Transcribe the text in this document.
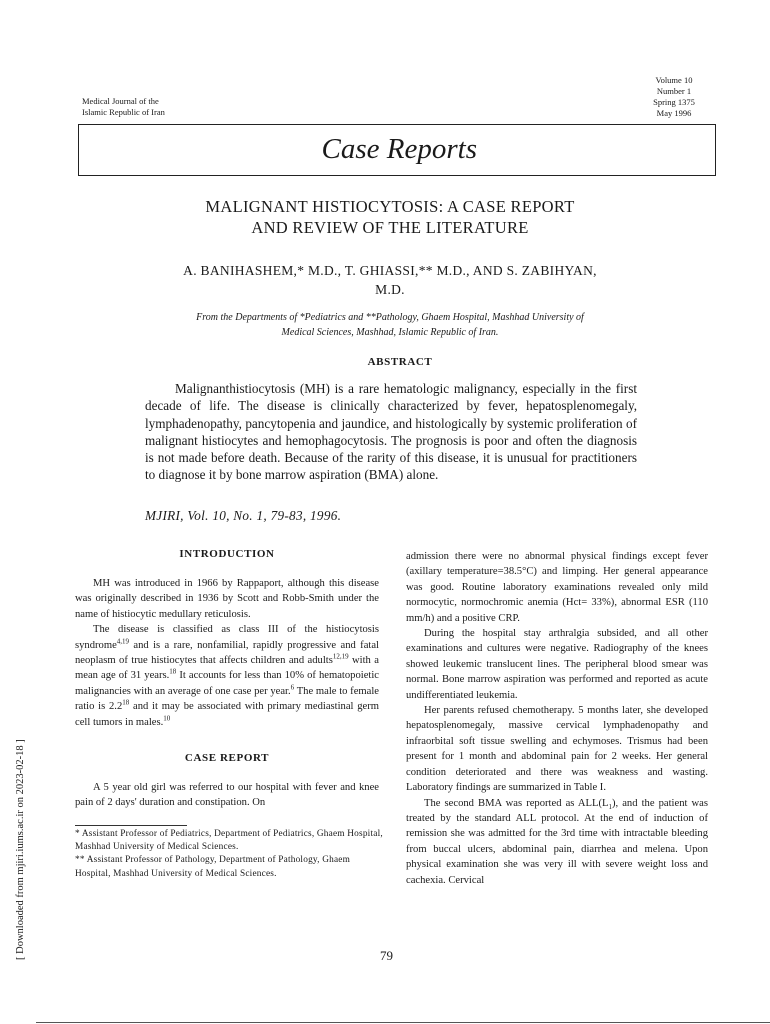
Medical Journal of the
Islamic Republic of Iran
Volume 10
Number 1
Spring 1375
May 1996
Case Reports
MALIGNANT HISTIOCYTOSIS: A CASE REPORT
AND REVIEW OF THE LITERATURE
A. BANIHASHEM,* M.D., T. GHIASSI,** M.D., AND S. ZABIHYAN,
M.D.
From the Departments of *Pediatrics and **Pathology, Ghaem Hospital, Mashhad University of
Medical Sciences, Mashhad, Islamic Republic of Iran.
ABSTRACT
Malignanthistiocytosis (MH) is a rare hematologic malignancy, especially in the first decade of life. The disease is clinically characterized by fever, hepatosplenomegaly, lymphadenopathy, pancytopenia and jaundice, and histologically by systemic proliferation of malignant histiocytes and hemophagocytosis. The prognosis is poor and often the diagnosis is not made before death. Because of the rarity of this disease, it is unusual for practitioners to diagnose it by bone marrow aspiration (BMA) alone.
MJIRI, Vol. 10, No. 1, 79-83, 1996.
INTRODUCTION

MH was introduced in 1966 by Rappaport, although this disease was originally described in 1936 by Scott and Robb-Smith under the name of histiocytic medullary reticulosis.

The disease is classified as class III of the histiocytosis syndrome$^{4,19}$ and is a rare, nonfamilial, rapidly progressive and fatal neoplasm of true histiocytes that affects children and adults$^{12,19}$ with a mean age of 31 years.$^{18}$ It accounts for less than 10% of hematopoietic malignancies with an average of one case per year.$^6$ The male to female ratio is $2.2^{18}$ and it may be associated with primary mediastinal germ cell tumors in males.$^{10}$

CASE REPORT

A 5 year old girl was referred to our hospital with fever and knee pain of 2 days' duration and constipation. On

admission there were no abnormal physical findings except fever (axillary temperature=38.5°C) and limping. Her general appearance was good. Routine laboratory examinations revealed only mild normocytic, normochromic anemia (Hct= 33%), abnormal ESR (110 mm/h) and a positive CRP.

During the hospital stay arthralgia subsided, and all other examinations and cultures were negative. Radiography of the knees showed leukemic translucent lines. The peripheral blood smear was normal. Bone marrow aspiration was performed and reported as acute undifferentiated leukemia.

Her parents refused chemotherapy. 5 months later, she developed hepatosplenomegaly, massive cervical lymphadenopathy and infraorbital soft tissue swelling and echymoses. Trismus had been present for 1 month and abdominal pain for 2 weeks. Her general condition deteriorated and there was weakness and wasting. Laboratory findings are summarized in Table I.

The second BMA was reported as $ALL(L_1)$, and the patient was treated by the standard ALL protocol. At the end of induction of remission she was admitted for the 3rd time with intractable bleeding from buccal ulcers, abdominal pain, diarrhea and melena. Upon physical examination she was very ill with severe weight loss and cachexia. Cervical

* Assistant Professor of Pediatrics, Department of Pediatrics, Ghaem Hospital, Mashhad University of Medical Sciences.
** Assistant Professor of Pathology, Department of Pathology, Ghaem Hospital, Mashhad University of Medical Sciences.
79
[ Downloaded from mjiri.iums.ac.ir on 2023-02-18 ]
